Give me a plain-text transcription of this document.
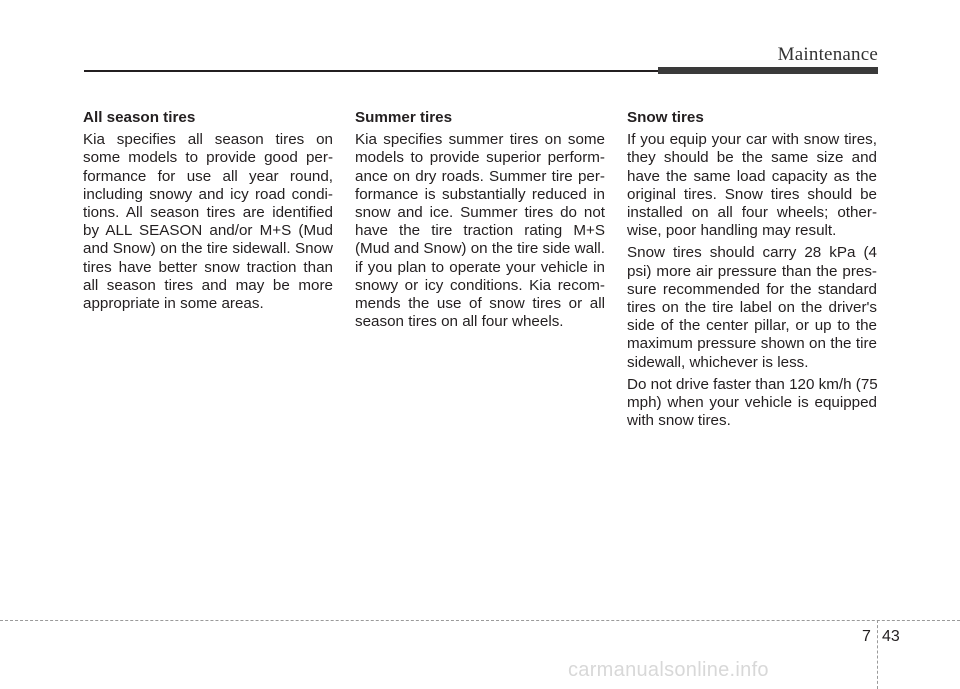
Maintenance
All season tires

Kia specifies all season tires on
some models to provide good per-
formance for use all year round,
including snowy and icy road condi-
tions. All season tires are identified
by ALL SEASON and/or M+S (Mud
and Snow) on the tire sidewall. Snow
tires have better snow traction than
all season tires and may be more
appropriate in some areas.

Summer tires

Kia specifies summer tires on some
models to provide superior perform-
ance on dry roads. Summer tire per-
formance is substantially reduced in
snow and ice. Summer tires do not
have the tire traction rating M+S
(Mud and Snow) on the tire side wall.
if you plan to operate your vehicle in
snowy or icy conditions. Kia recom-
mends the use of snow tires or all
season tires on all four wheels.

Snow tires

If you equip your car with snow tires,
they should be the same size and
have the same load capacity as the
original tires. Snow tires should be
installed on all four wheels; other-
wise, poor handling may result.

Snow tires should carry 28 kPa (4
psi) more air pressure than the pres-
sure recommended for the standard
tires on the tire label on the driver's
side of the center pillar, or up to the
maximum pressure shown on the tire
sidewall, whichever is less.

Do not drive faster than 120 km/h (75
mph) when your vehicle is equipped
with snow tires.

7 43
carmanualsonline.info
